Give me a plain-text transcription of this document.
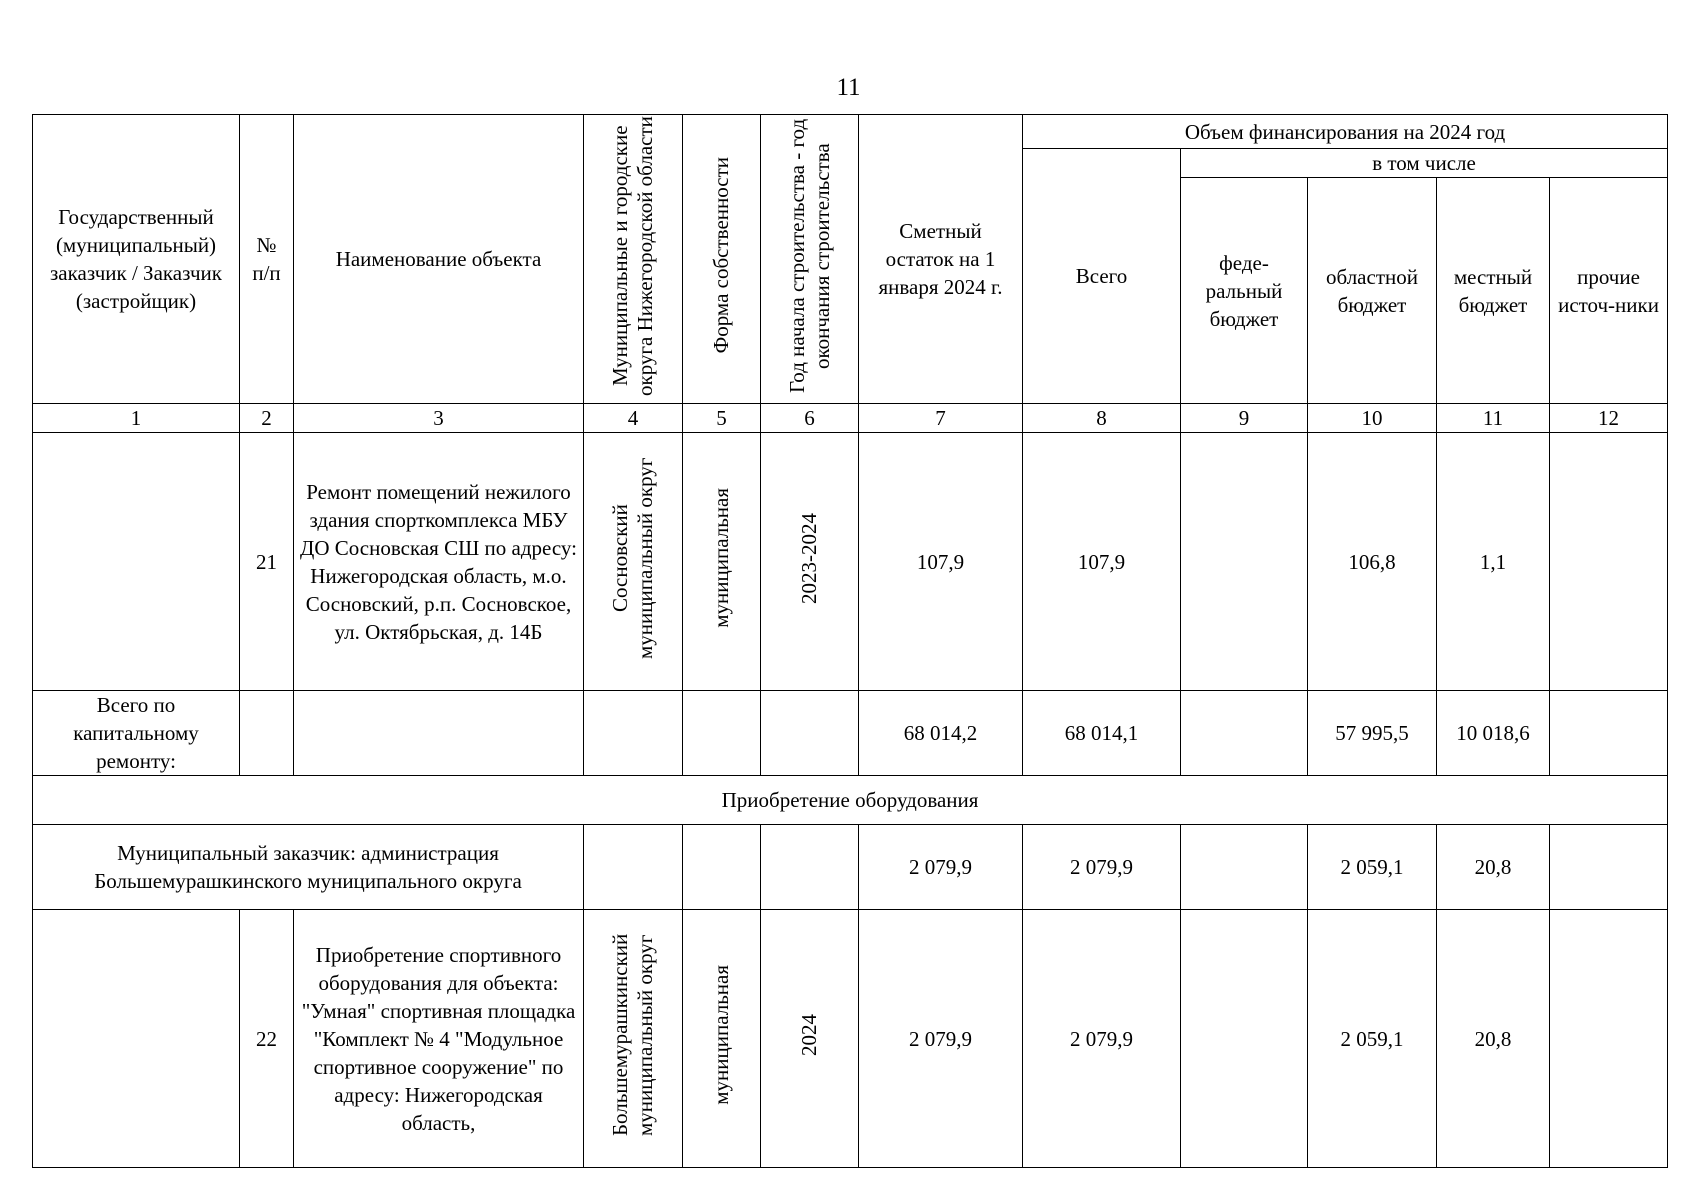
11
Государственный (муниципальный) заказчик / Заказчик (застройщик)	№ п/п	Наименование объекта	Муниципальные и городские округа Нижегородской области	Форма собственности	Год начала строительства - год окончания строительства	Сметный остаток на 1 января 2024 г.	Объем финансирования на 2024 год				
							Всего	в том числе			
								феде-ральный бюджет	областной бюджет	местный бюджет	прочие источ-ники
1	2	3	4	5	6	7	8	9	10	11	12
	21	Ремонт помещений нежилого здания спорткомплекса МБУ ДО Сосновская СШ по адресу: Нижегородская область, м.о. Сосновский, р.п. Сосновское, ул. Октябрьская, д. 14Б	Сосновский муниципальный округ	муниципальная	2023-2024	107,9	107,9		106,8	1,1	
Всего по капитальному ремонту:						68 014,2	68 014,1		57 995,5	10 018,6	
Приобретение оборудования											
Муниципальный заказчик: администрация Большемурашкинского муниципального округа						2 079,9	2 079,9		2 059,1	20,8	
	22	Приобретение спортивного оборудования для объекта: "Умная" спортивная площадка "Комплект № 4 "Модульное спортивное сооружение" по адресу: Нижегородская область,	Большемурашкинский муниципальный округ	муниципальная	2024	2 079,9	2 079,9		2 059,1	20,8	
